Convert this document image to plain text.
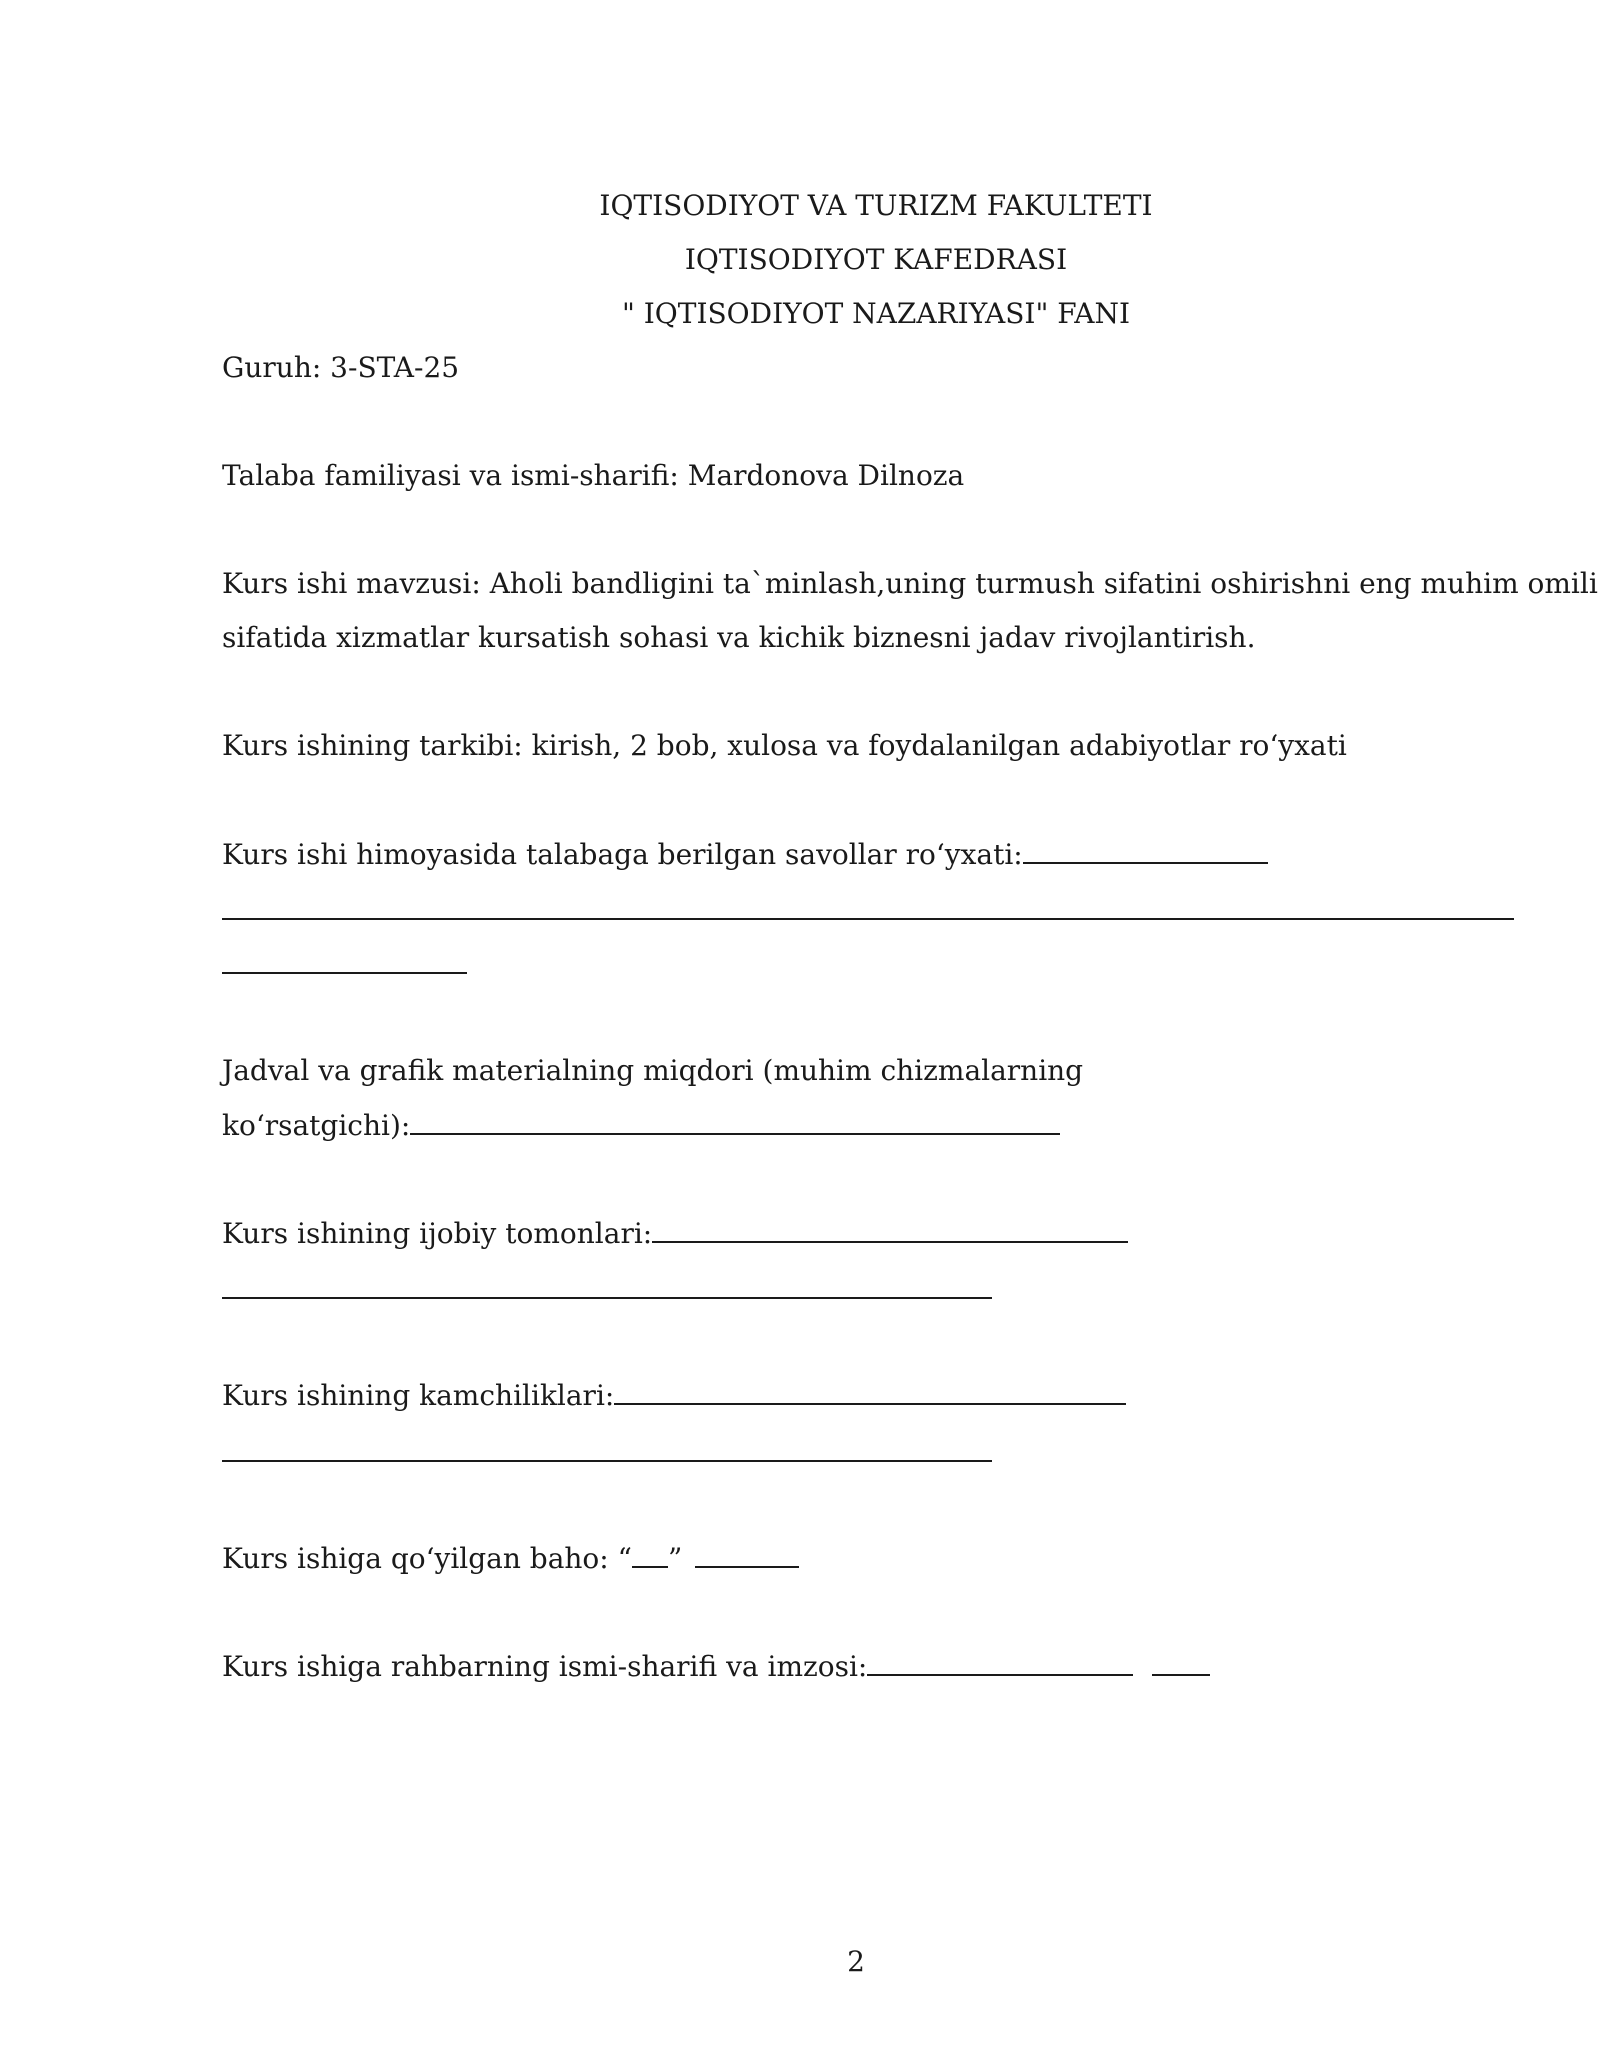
IQTISODIYOT VA TURIZM FAKULTETI
IQTISODIYOT KAFEDRASI
" IQTISODIYOT NAZARIYASI" FANI
Guruh: 3-STA-25
Talaba familiyasi va ismi-sharifi: Mardonova Dilnoza
Kurs ishi mavzusi: Aholi bandligini ta`minlash,uning turmush sifatini oshirishni eng muhim omili
sifatida xizmatlar kursatish sohasi va kichik biznesni jadav rivojlantirish.
Kurs ishining tarkibi: kirish, 2 bob, xulosa va foydalanilgan adabiyotlar ro‘yxati
Kurs ishi himoyasida talabaga berilgan savollar ro‘yxati:
Jadval va grafik materialning miqdori (muhim chizmalarning
ko‘rsatgichi):
Kurs ishining ijobiy tomonlari:
Kurs ishining kamchiliklari:
Kurs ishiga qo‘yilgan baho: “ ”
Kurs ishiga rahbarning ismi-sharifi va imzosi:
2
